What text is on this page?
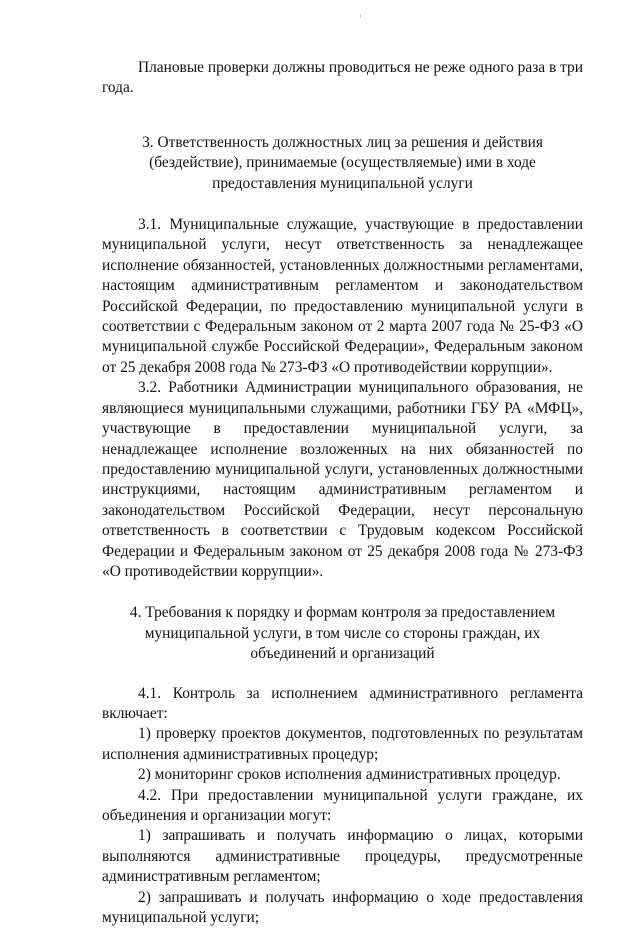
Плановые проверки должны проводиться не реже одного раза в три года.

3. Ответственность должностных лиц за решения и действия (бездействие), принимаемые (осуществляемые) ими в ходе предоставления муниципальной услуги

3.1. Муниципальные служащие, участвующие в предоставлении муниципальной услуги, несут ответственность за ненадлежащее исполнение обязанностей, установленных должностными регламентами, настоящим административным регламентом и законодательством Российской Федерации, по предоставлению муниципальной услуги в соответствии с Федеральным законом от 2 марта 2007 года № 25-ФЗ «О муниципальной службе Российской Федерации», Федеральным законом от 25 декабря 2008 года № 273-ФЗ «О противодействии коррупции».

3.2. Работники Администрации муниципального образования, не являющиеся муниципальными служащими, работники ГБУ РА «МФЦ», участвующие в предоставлении муниципальной услуги, за ненадлежащее исполнение возложенных на них обязанностей по предоставлению муниципальной услуги, установленных должностными инструкциями, настоящим административным регламентом и законодательством Российской Федерации, несут персональную ответственность в соответствии с Трудовым кодексом Российской Федерации и Федеральным законом от 25 декабря 2008 года № 273-ФЗ «О противодействии коррупции».

4. Требования к порядку и формам контроля за предоставлением муниципальной услуги, в том числе со стороны граждан, их объединений и организаций

4.1. Контроль за исполнением административного регламента включает:

1) проверку проектов документов, подготовленных по результатам исполнения административных процедур;

2) мониторинг сроков исполнения административных процедур.

4.2. При предоставлении муниципальной услуги граждане, их объединения и организации могут:

1) запрашивать и получать информацию о лицах, которыми выполняются административные процедуры, предусмотренные административным регламентом;

2) запрашивать и получать информацию о ходе предоставления муниципальной услуги;
